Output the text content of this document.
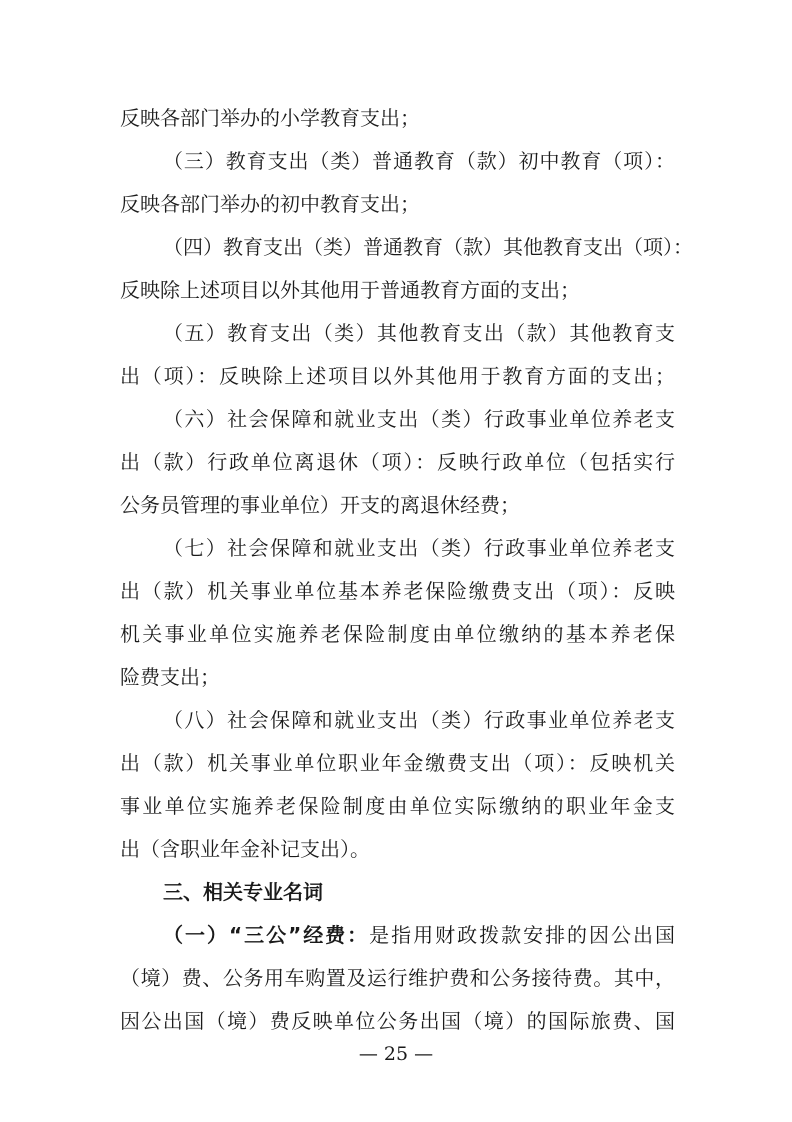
反映各部门举办的小学教育支出；
（三）教育支出（类）普通教育（款）初中教育（项）：
反映各部门举办的初中教育支出；
（四）教育支出（类）普通教育（款）其他教育支出（项）：
反映除上述项目以外其他用于普通教育方面的支出；
（五）教育支出（类）其他教育支出（款）其他教育支
出（项）：反映除上述项目以外其他用于教育方面的支出；
（六）社会保障和就业支出（类）行政事业单位养老支
出（款）行政单位离退休（项）：反映行政单位（包括实行
公务员管理的事业单位）开支的离退休经费；
（七）社会保障和就业支出（类）行政事业单位养老支
出（款）机关事业单位基本养老保险缴费支出（项）：反映
机关事业单位实施养老保险制度由单位缴纳的基本养老保
险费支出；
（八）社会保障和就业支出（类）行政事业单位养老支
出（款）机关事业单位职业年金缴费支出（项）：反映机关
事业单位实施养老保险制度由单位实际缴纳的职业年金支
出（含职业年金补记支出）。
三、相关专业名词
（一）“三公”经费：是指用财政拨款安排的因公出国
（境）费、公务用车购置及运行维护费和公务接待费。其中，
因公出国（境）费反映单位公务出国（境）的国际旅费、国
— 25 —
